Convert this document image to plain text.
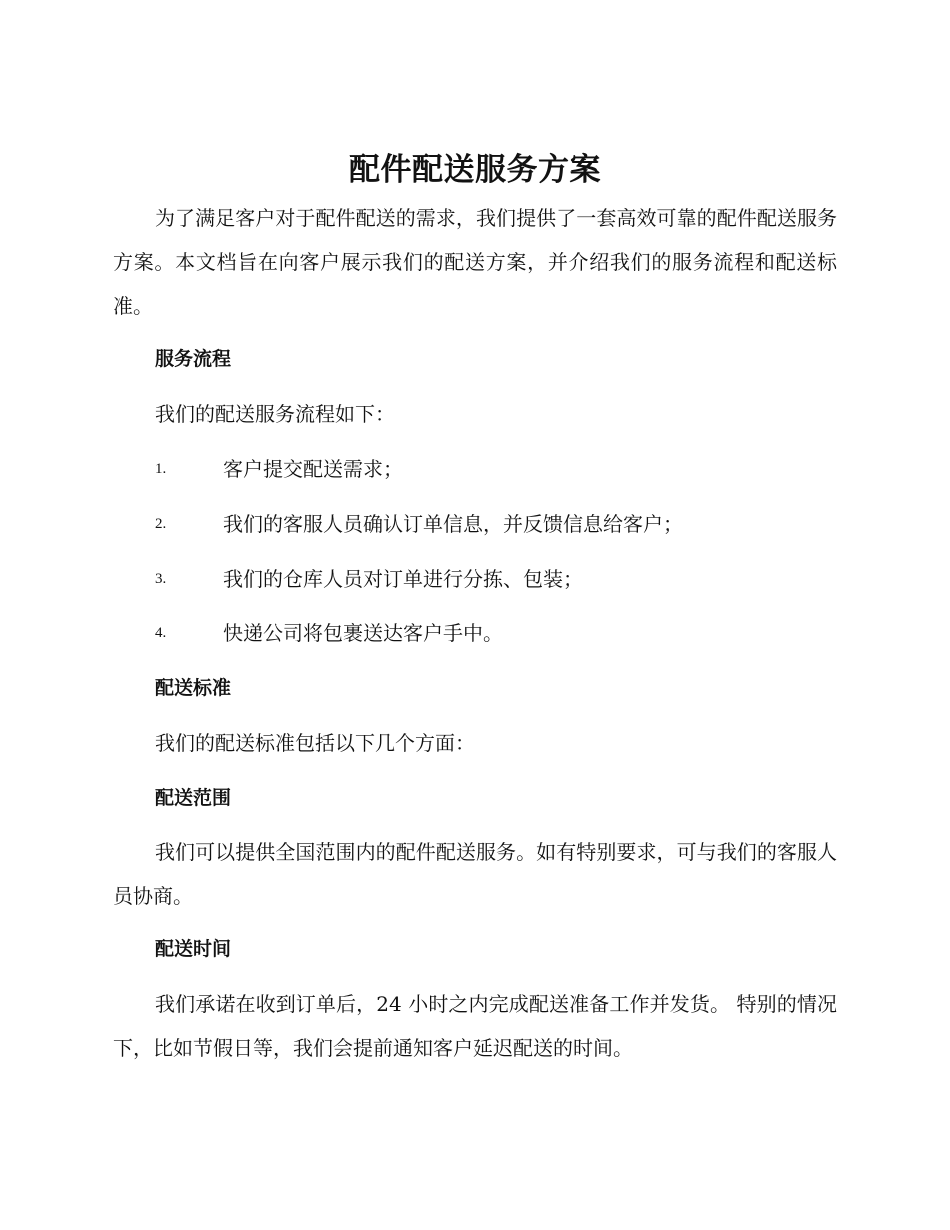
配件配送服务方案

为了满足客户对于配件配送的需求，我们提供了一套高效可靠的配件配送服务方案。本文档旨在向客户展示我们的配送方案，并介绍我们的服务流程和配送标准。

服务流程

我们的配送服务流程如下：

1.	客户提交配送需求；
2.	我们的客服人员确认订单信息，并反馈信息给客户；
3.	我们的仓库人员对订单进行分拣、包装；
4.	快递公司将包裹送达客户手中。
配送标准

我们的配送标准包括以下几个方面：

配送范围

我们可以提供全国范围内的配件配送服务。如有特别要求，可与我们的客服人员协商。

配送时间

我们承诺在收到订单后，24 小时之内完成配送准备工作并发货。 特别的情况下，比如节假日等，我们会提前通知客户延迟配送的时间。
